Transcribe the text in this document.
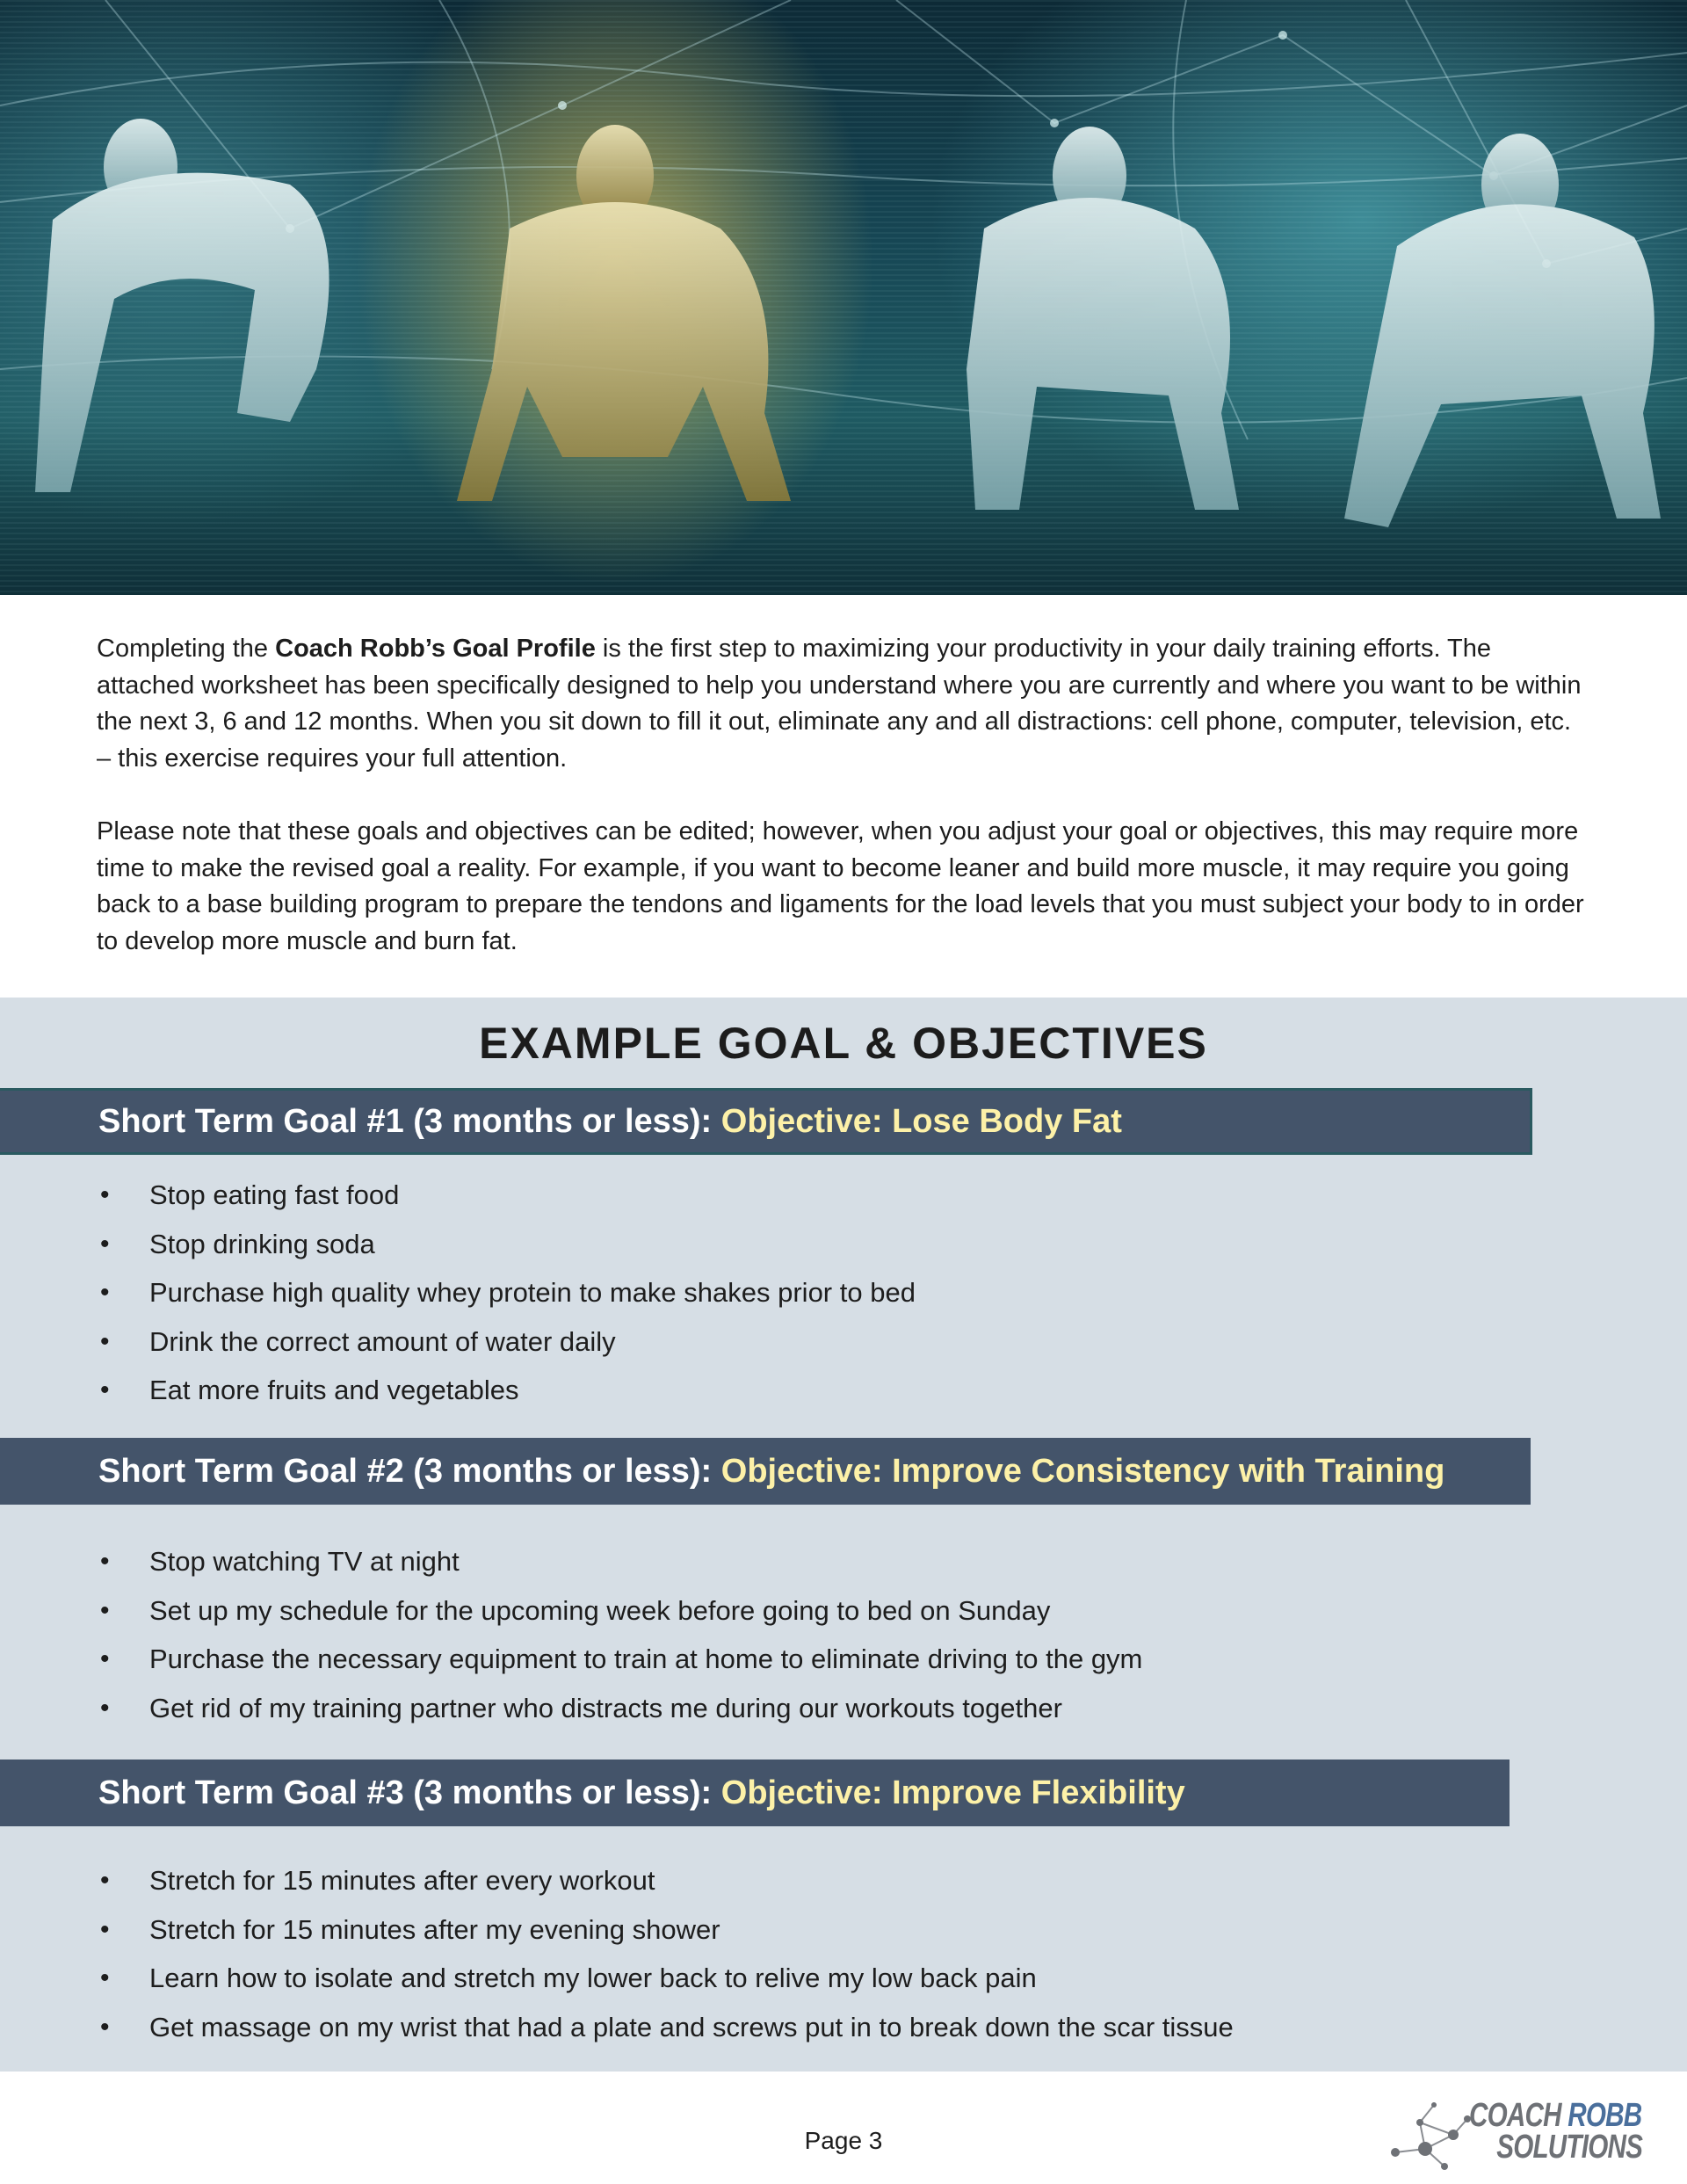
Completing the Coach Robb’s Goal Profile is the first step to maximizing your productivity in your daily training efforts. The attached worksheet has been specifically designed to help you understand where you are currently and where you want to be within the next 3, 6 and 12 months. When you sit down to fill it out, eliminate any and all distractions: cell phone, computer, television, etc. – this exercise requires your full attention.

Please note that these goals and objectives can be edited; however, when you adjust your goal or objectives, this may require more time to make the revised goal a reality. For example, if you want to become leaner and build more muscle, it may require you going back to a base building program to prepare the tendons and ligaments for the load levels that you must subject your body to in order to develop more muscle and burn fat.

EXAMPLE GOAL & OBJECTIVES
Short Term Goal #1 (3 months or less):
Objective: Lose Body Fat
• Stop eating fast food
• Stop drinking soda
• Purchase high quality whey protein to make shakes prior to bed
• Drink the correct amount of water daily
• Eat more fruits and vegetables
Short Term Goal #2 (3 months or less):
Objective: Improve Consistency with Training
• Stop watching TV at night
• Set up my schedule for the upcoming week before going to bed on Sunday
• Purchase the necessary equipment to train at home to eliminate driving to the gym
• Get rid of my training partner who distracts me during our workouts together
Short Term Goal #3 (3 months or less):
Objective: Improve Flexibility
• Stretch for 15 minutes after every workout
• Stretch for 15 minutes after my evening shower
• Learn how to isolate and stretch my lower back to relive my low back pain
• Get massage on my wrist that had a plate and screws put in to break down the scar tissue
Page 3
COACH ROBB
SOLUTIONS
